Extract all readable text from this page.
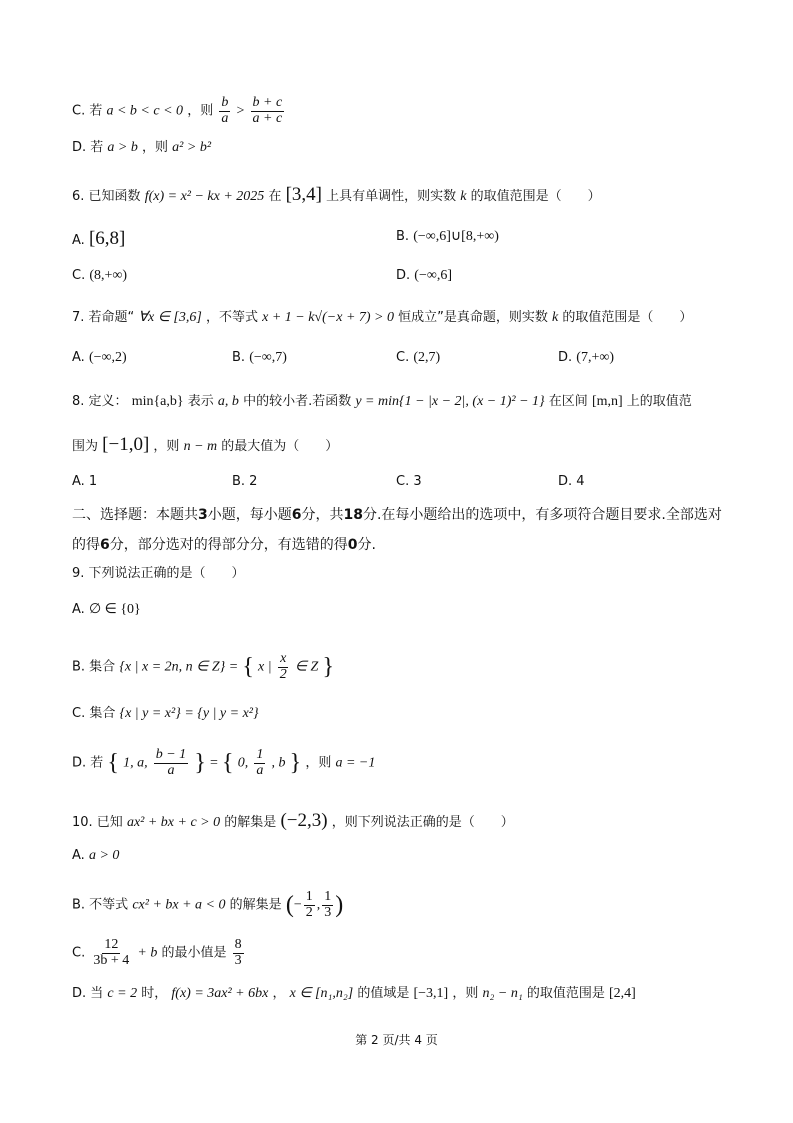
C. 若 a < b < c < 0 ，则 $\frac{b}{a} > \frac{b + c}{a + c}$
D. 若 a > b ，则 a² > b²
6. 已知函数 f(x) = x² − kx + 2025 在 [3,4] 上具有单调性，则实数 k 的取值范围是（　　）
A. [6,8]	B. (−∞,6]∪[8,+∞)
C. (8,+∞)	D. (−∞,6]
7. 若命题“ ∀x ∈ [3,6] ，不等式 x + 1 − k√(−x + 7) > 0 恒成立”是真命题，则实数 k 的取值范围是（　　）
A. (−∞,2)	B. (−∞,7)	C. (2,7)	D. (7,+∞)
8. 定义： min{a,b} 表示 a, b 中的较小者.若函数 y = min{1 − |x − 2|, (x − 1)² − 1} 在区间 [m,n] 上的取值范
围为 [−1,0] ，则 n − m 的最大值为（　　）
A. 1	B. 2	C. 3	D. 4
二、选择题：本题共3小题，每小题6分，共18分.在每小题给出的选项中，有多项符合题目要求.全部选对的得6分，部分选对的得部分分，有选错的得0分.
9. 下列说法正确的是（　　）
A. ∅ ∈ {0}
B. 集合 {x | x = 2n, n ∈ Z} = { x | $\frac{x}{2}$ ∈ Z }
C. 集合 {x | y = x²} = {y | y = x²}
D. 若 { 1, a, $\frac{b - 1}{a}$ } = { 0, $\frac{1}{a}$ , b } ，则 a = −1
10. 已知 ax² + bx + c > 0 的解集是 (−2,3) ，则下列说法正确的是（　　）
A. a > 0
B. 不等式 cx² + bx + a < 0 的解集是 (− $\frac{1}{2}$ , $\frac{1}{3}$ )
C. $\frac{12}{3b + 4} + b$ 的最小值是 $\frac{8}{3}$
D. 当 c = 2 时， f(x) = 3ax² + 6bx ， x ∈ [n₁,n₂] 的值域是 [−3,1] ，则 n₂ − n₁ 的取值范围是 [2,4]
第 2 页/共 4 页
